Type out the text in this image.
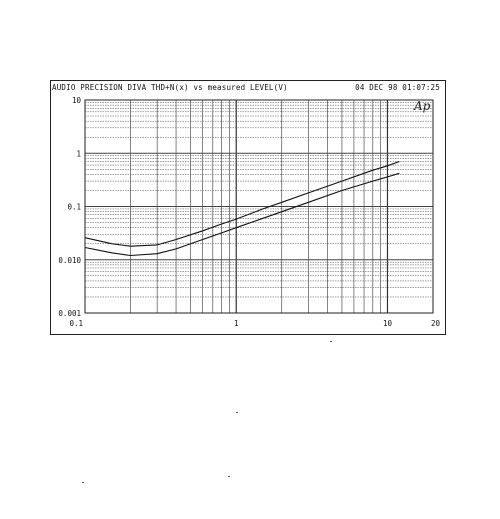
AUDIO PRECISION DIVA THD+N(x) vs measured LEVEL(V)	04 DEC 98 01:07:25
0.1	1	10	20
10
1
0.1
0.010
0.001
Ap
